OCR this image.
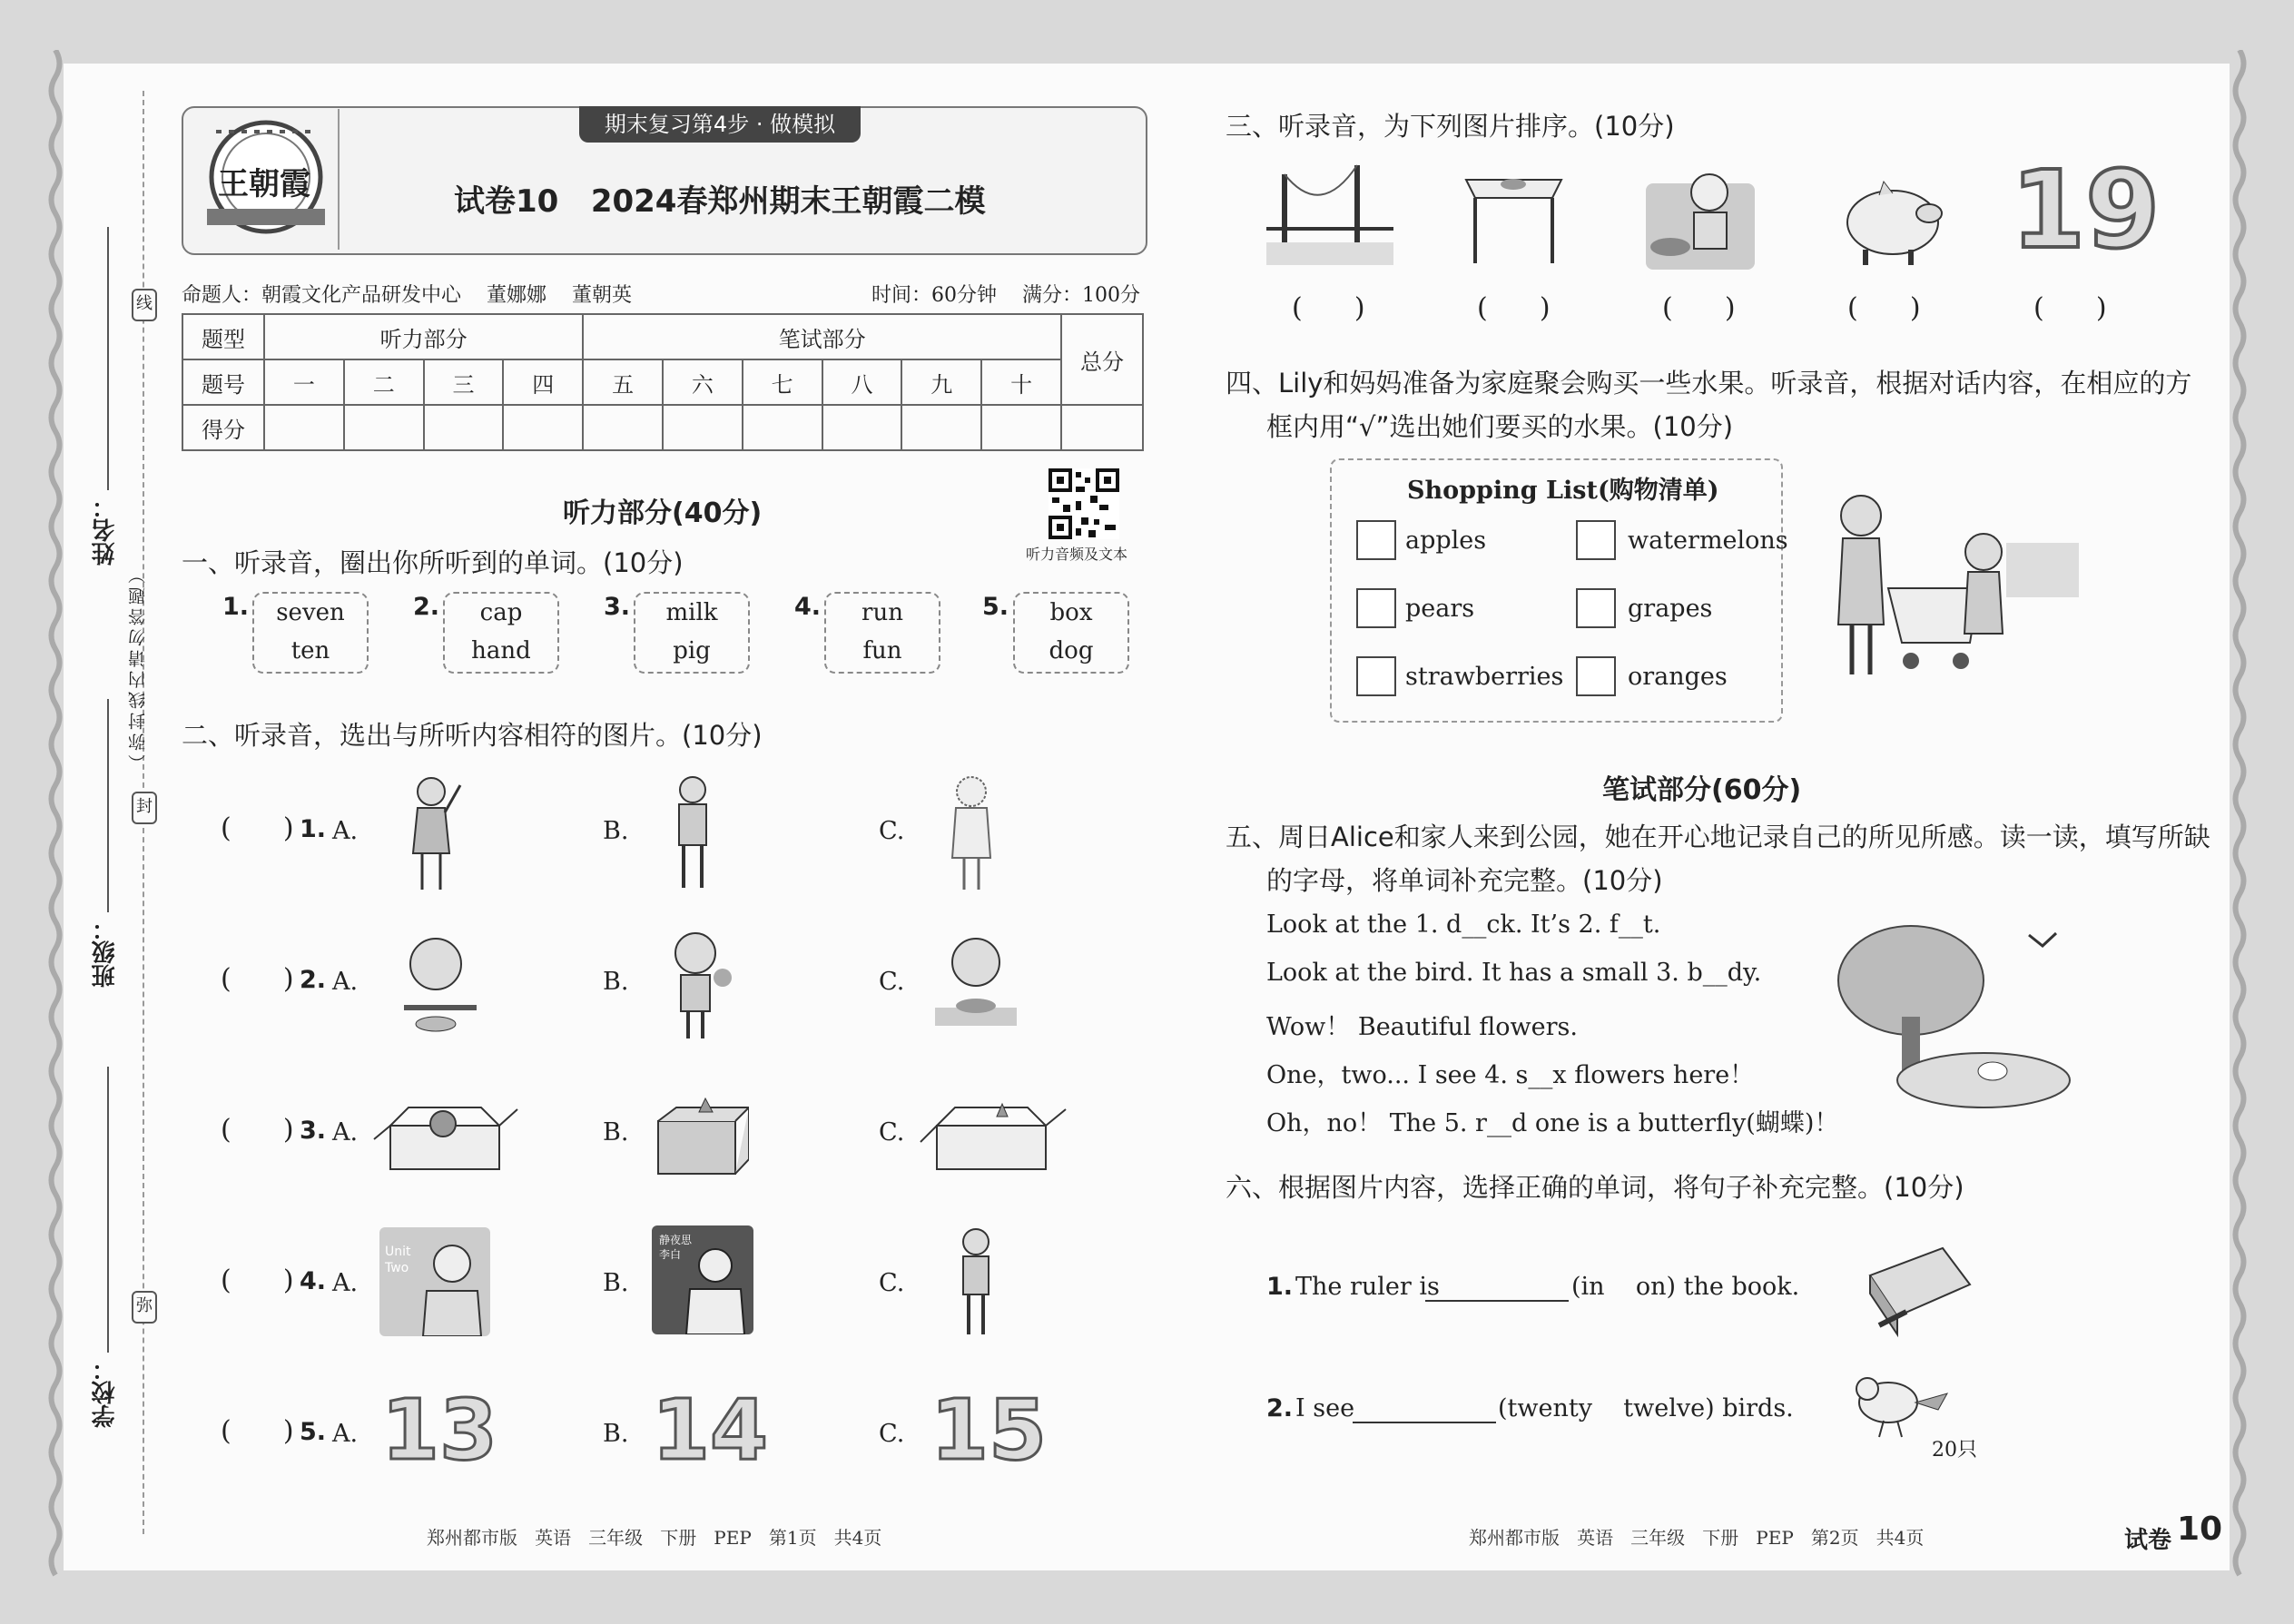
线
封
弥
（弥封线内请勿答题）
姓名：
班级：
学校：
王朝霞
期末复习第4步 · 做模拟
试卷10   2024春郑州期末王朝霞二模
命题人：朝霞文化产品研发中心    董娜娜    董朝英	时间：60分钟    满分：100分
题型	听力部分				笔试部分						总分
题号	一	二	三	四	五	六	七	八	九	十	
得分											
听力部分(40分)
听力音频及文本
一、听录音，圈出你所听到的单词。(10分)
1.	seven
ten
2.	cap
hand
3.	milk
pig
4.	run
fun
5.	box
dog
二、听录音，选出与所听内容相符的图片。(10分)
(      ) 1. A.	B.	C.
(      ) 2. A.	B.	C.
(      ) 3. A.	B.	C.
(      ) 4. A.	B.	C.
Unit Two
静夜思 李白
(      ) 5. A.	B.	C.
13 14 15
郑州都市版   英语   三年级   下册   PEP   第1页   共4页
三、听录音，为下列图片排序。(10分)
19
(      )	(      )	(      )	(      )	(      )
四、Lily和妈妈准备为家庭聚会购买一些水果。听录音，根据对话内容，在相应的方
框内用“√”选出她们要买的水果。(10分)
Shopping List(购物清单)
apples
pears
strawberries
watermelons
grapes
oranges
笔试部分(60分)
五、周日Alice和家人来到公园，她在开心地记录自己的所见所感。读一读，填写所缺
的字母，将单词补充完整。(10分)
Look at the 1. d__ck. It’s 2. f__t.
Look at the bird. It has a small 3. b__dy.
Wow！ Beautiful flowers.
One，two... I see 4. s__x flowers here！
Oh，no！ The 5. r__d one is a butterfly(蝴蝶)！
六、根据图片内容，选择正确的单词，将句子补充完整。(10分)
1. The ruler is	(in    on) the book.
2. I see	(twenty    twelve) birds.
20只
郑州都市版   英语   三年级   下册   PEP   第2页   共4页	试卷 10
